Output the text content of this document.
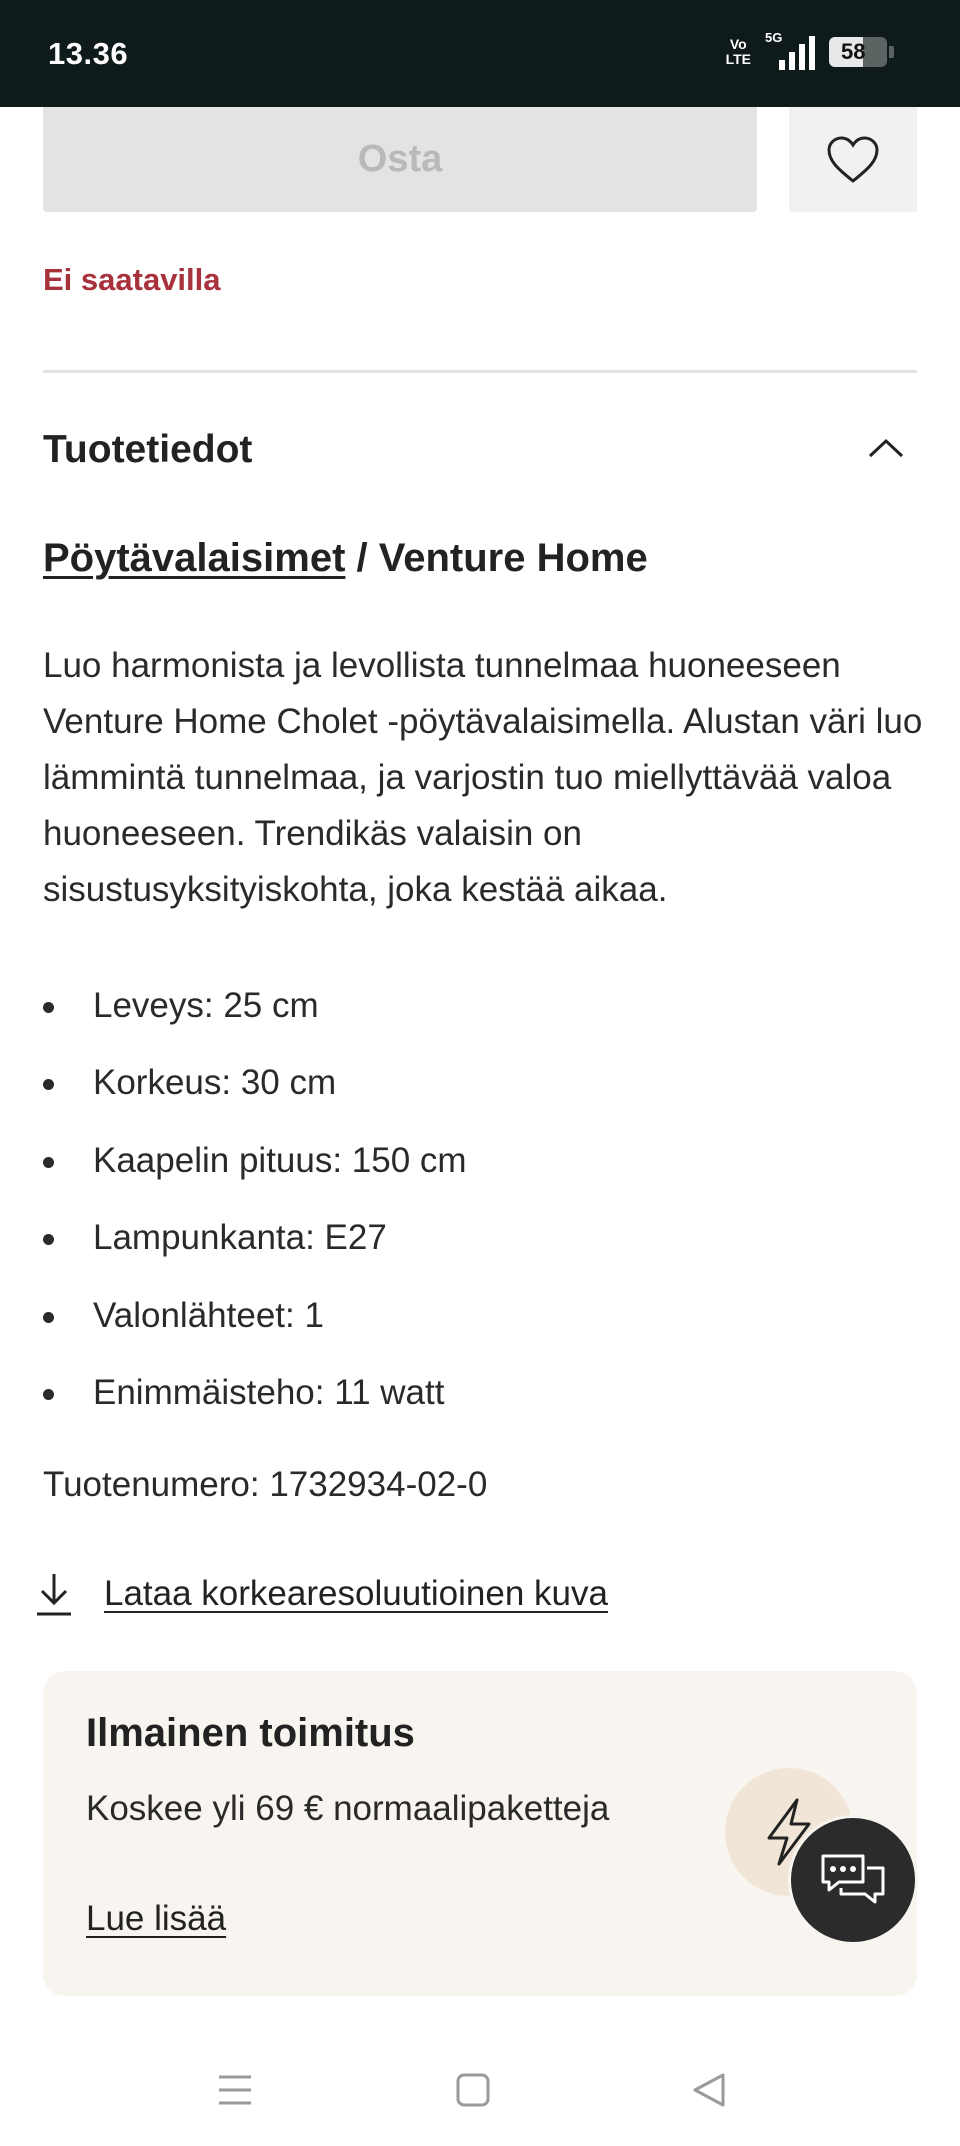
13.36	Vo
LTE
5G
58
Osta
Ei saatavilla
Tuotetiedot
Pöytävalaisimet / Venture Home

Luo harmonista ja levollista tunnelmaa huoneeseen Venture Home Cholet -pöytävalaisimella. Alustan väri luo lämmintä tunnelmaa, ja varjostin tuo miellyttävää valoa huoneeseen. Trendikäs valaisin on sisustusyksityiskohta, joka kestää aikaa.

Leveys: 25 cm
Korkeus: 30 cm
Kaapelin pituus: 150 cm
Lampunkanta: E27
Valonlähteet: 1
Enimmäisteho: 11 watt
Tuotenumero: 1732934-02-0
Lataa korkearesoluutioinen kuva
Ilmainen toimitus
Koskee yli 69 € normaalipaketteja
Lue lisää
